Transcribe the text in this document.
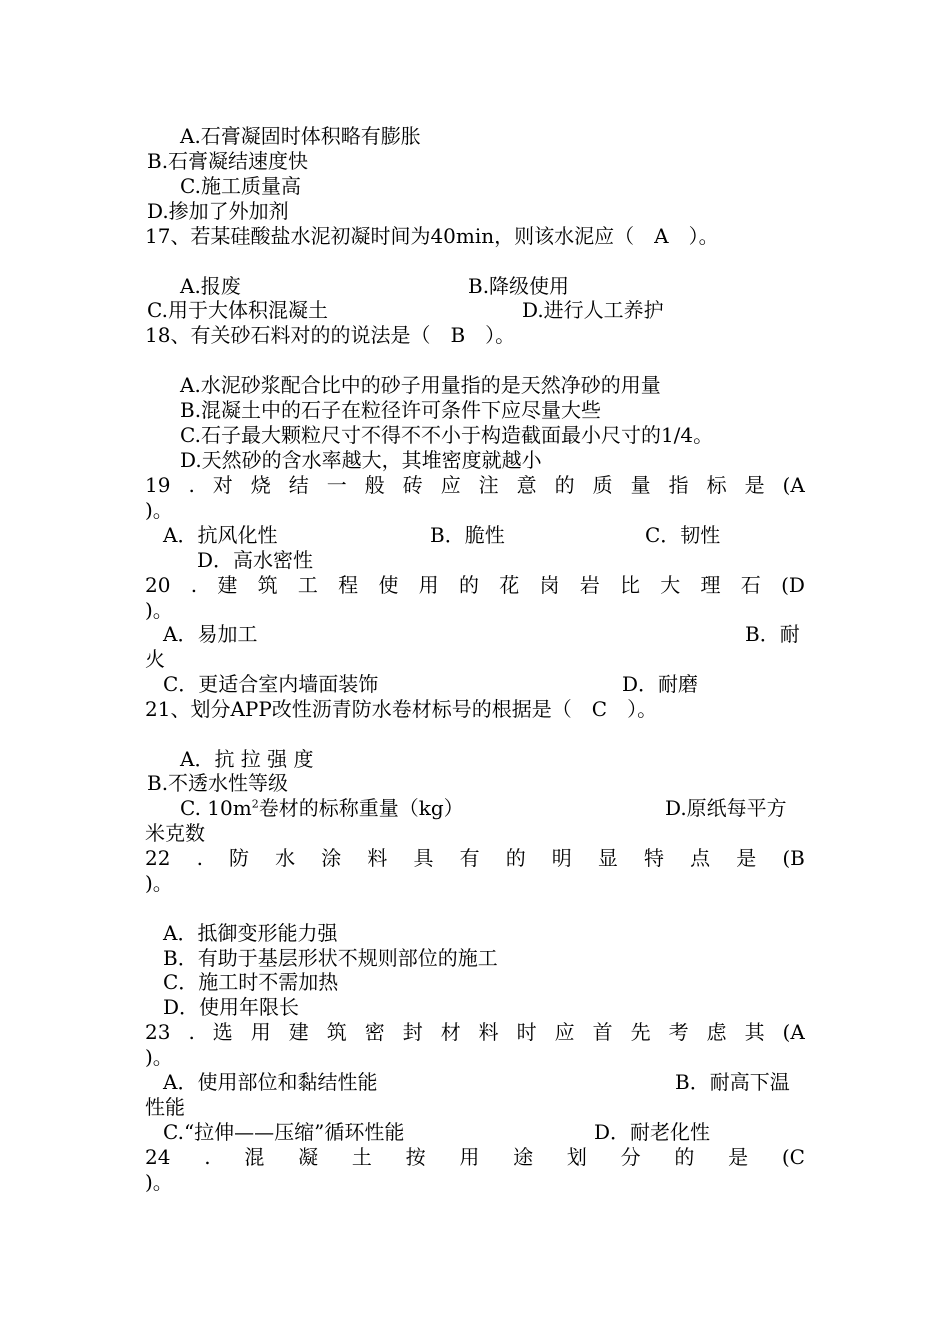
A.石膏凝固时体积略有膨胀
B.石膏凝结速度快
C.施工质量高
D.掺加了外加剂
17、若某硅酸盐水泥初凝时间为40min，则该水泥应（　A　）。
A.报废	B.降级使用
C.用于大体积混凝土	D.进行人工养护
18、有关砂石料对的的说法是（　B　）。
A.水泥砂浆配合比中的砂子用量指的是天然净砂的用量
B.混凝土中的石子在粒径许可条件下应尽量大些
C.石子最大颗粒尺寸不得不不小于构造截面最小尺寸的1/4。
D.天然砂的含水率越大，其堆密度就越小
19 . 对 烧 结 一 般 砖 应 注 意 的 质 量 指 标 是 (A
)。
A．抗风化性	B．脆性	C．韧性
D．高水密性
20 . 建 筑 工 程 使 用 的 花 岗 岩 比 大 理 石 (D
)。
A．易加工	B．耐
火
C．更适合室内墙面装饰	D．耐磨
21、划分APP改性沥青防水卷材标号的根据是（　C　）。
A．抗 拉 强 度
B.不透水性等级
C. $10m^2$卷材的标称重量（kg）	D.原纸每平方
米克数
22 . 防 水 涂 料 具 有 的 明 显 特 点 是 (B
)。
A．抵御变形能力强
B．有助于基层形状不规则部位的施工
C．施工时不需加热
D．使用年限长
23 . 选 用 建 筑 密 封 材 料 时 应 首 先 考 虑 其 (A
)。
A．使用部位和黏结性能	B．耐高下温
性能
C.“拉伸——压缩”循环性能	D．耐老化性
24 . 混 凝 土 按 用 途 划 分 的 是 (C
)。
